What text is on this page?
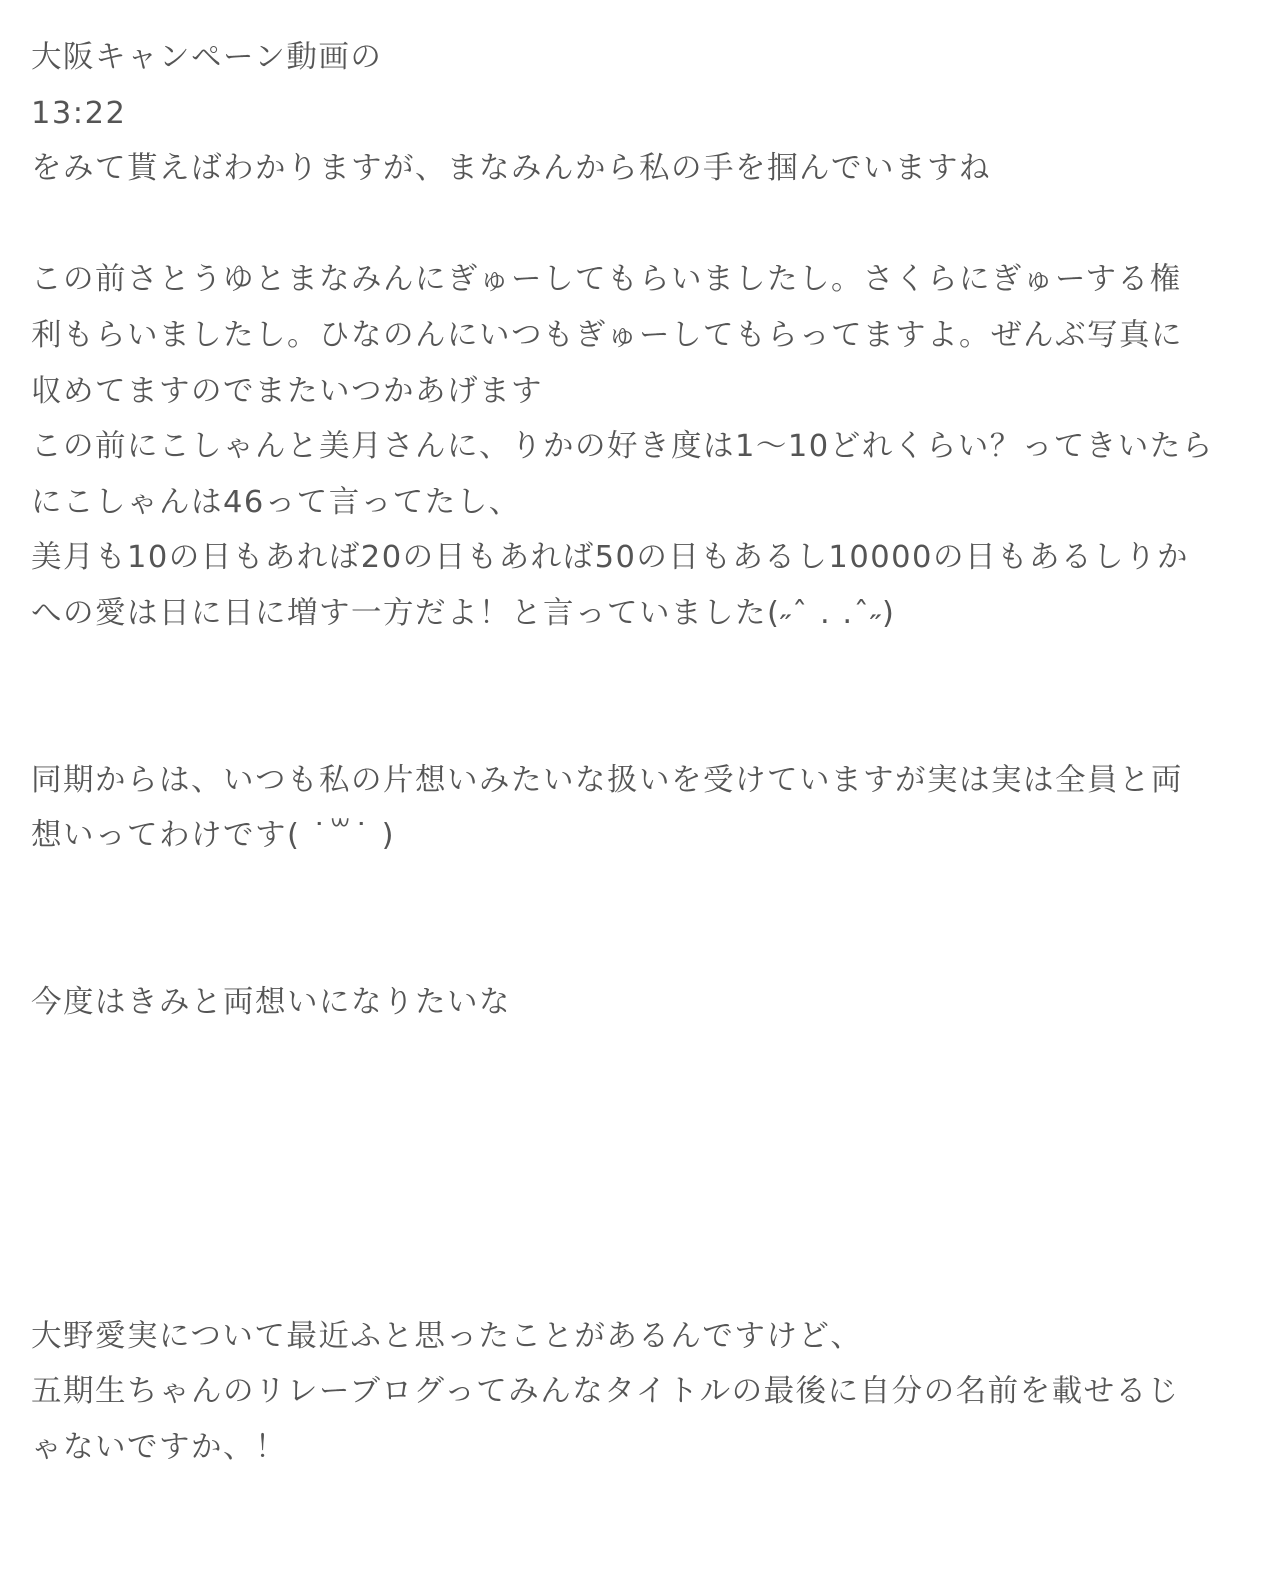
大阪キャンペーン動画の
13:22
をみて貰えばわかりますが、まなみんから私の手を掴んでいますね
この前さとうゆとまなみんにぎゅーしてもらいましたし。さくらにぎゅーする権
利もらいましたし。ひなのんにいつもぎゅーしてもらってますよ。ぜんぶ写真に
収めてますのでまたいつかあげます
この前にこしゃんと美月さんに、りかの好き度は1〜10どれくらい？ってきいたら
にこしゃんは46って言ってたし、
美月も10の日もあれば20の日もあれば50の日もあるし10000の日もあるしりか
への愛は日に日に増す一方だよ！と言っていました(˶ˆ . .ˆ˶)
同期からは、いつも私の片想いみたいな扱いを受けていますが実は実は全員と両
想いってわけです( ˙꒳˙ )
今度はきみと両想いになりたいな
大野愛実について最近ふと思ったことがあるんですけど、
五期生ちゃんのリレーブログってみんなタイトルの最後に自分の名前を載せるじ
ゃないですか、！
